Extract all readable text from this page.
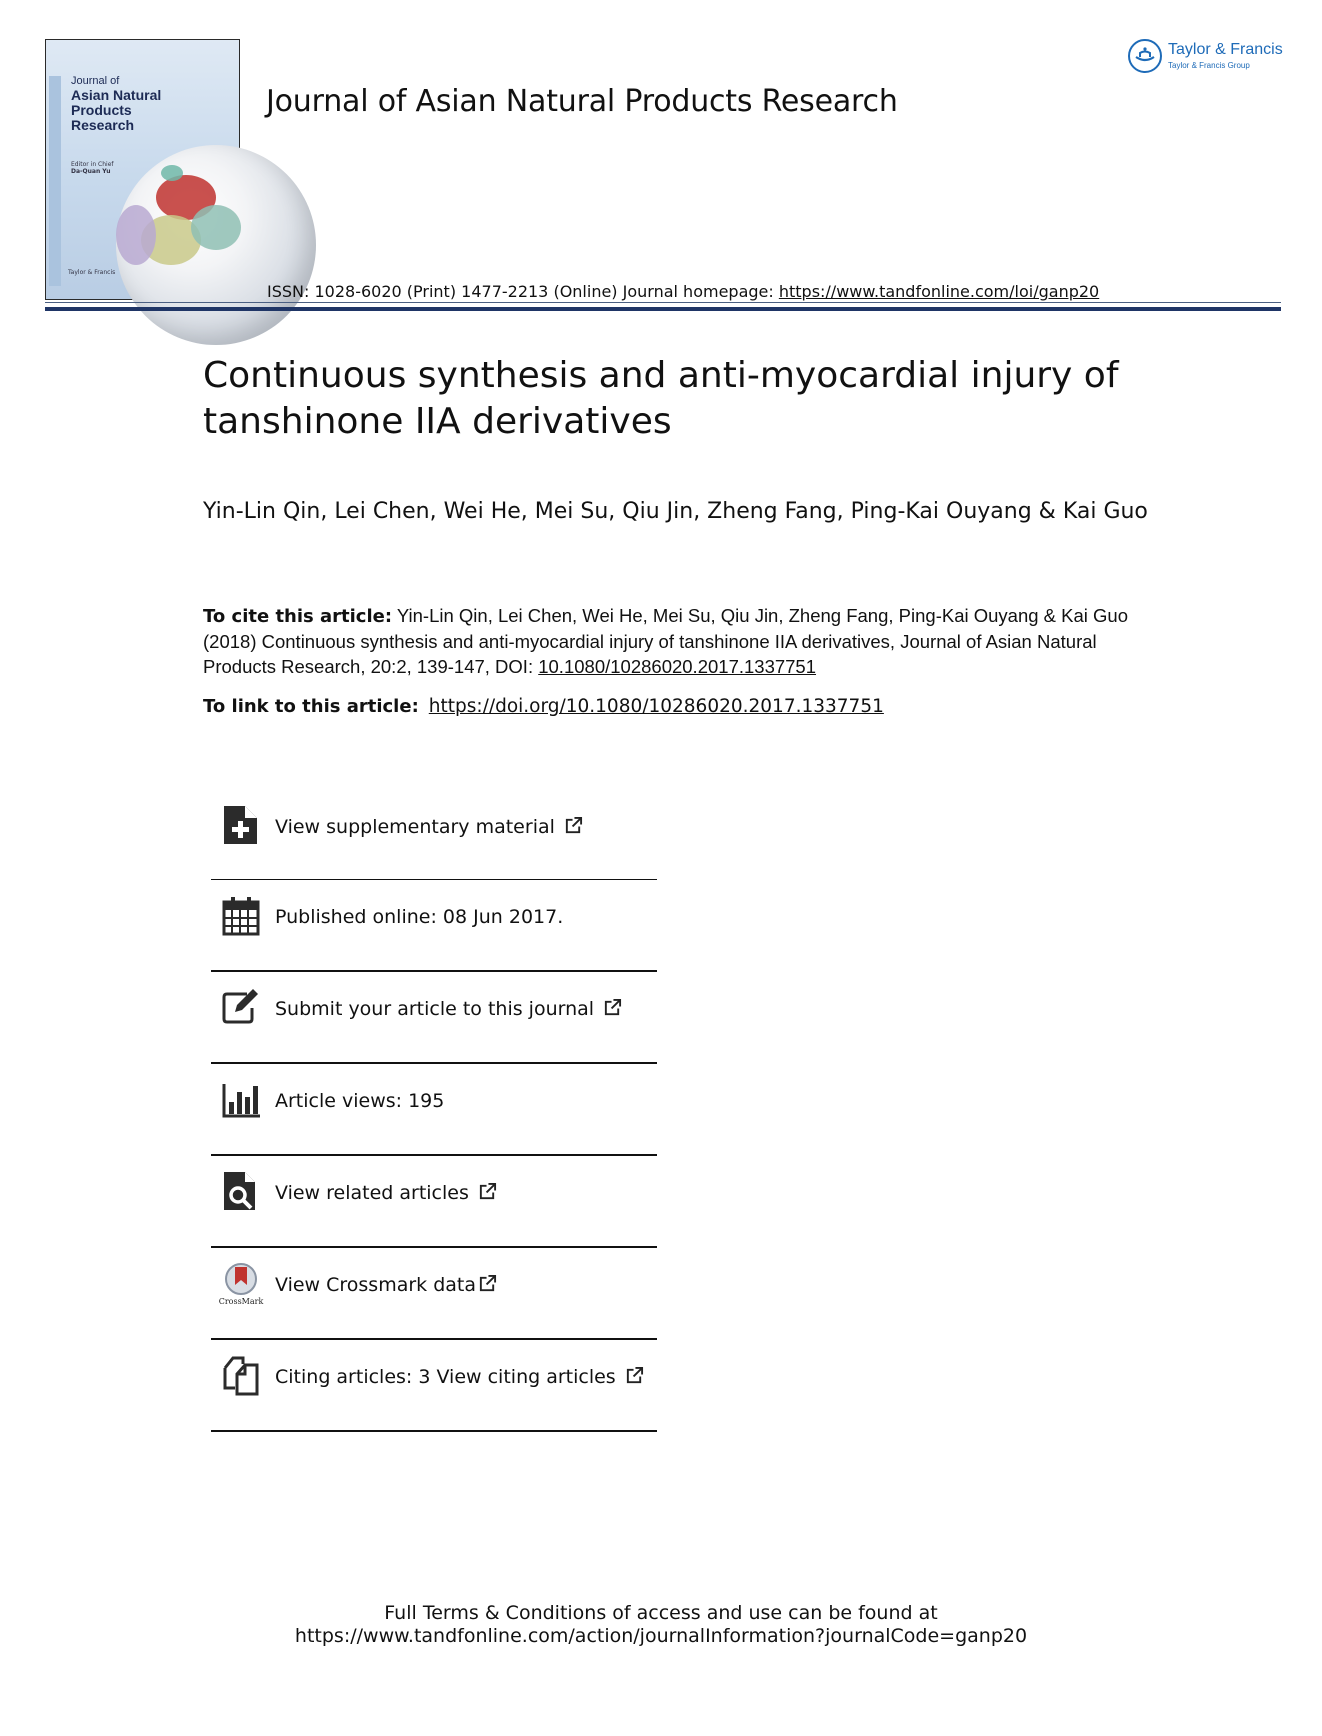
Journal of
Asian Natural
Products
Research
Editor in Chief
Da-Quan Yu
Taylor & Francis
Journal of Asian Natural Products Research
Taylor & Francis
Taylor & Francis Group
ISSN: 1028-6020 (Print) 1477-2213 (Online) Journal homepage: https://www.tandfonline.com/loi/ganp20
Continuous synthesis and anti-myocardial injury of tanshinone IIA derivatives
Yin-Lin Qin, Lei Chen, Wei He, Mei Su, Qiu Jin, Zheng Fang, Ping-Kai Ouyang & Kai Guo
To cite this article: Yin-Lin Qin, Lei Chen, Wei He, Mei Su, Qiu Jin, Zheng Fang, Ping-Kai Ouyang & Kai Guo (2018) Continuous synthesis and anti-myocardial injury of tanshinone IIA derivatives, Journal of Asian Natural Products Research, 20:2, 139-147, DOI: 10.1080/10286020.2017.1337751
To link to this article: https://doi.org/10.1080/10286020.2017.1337751
View supplementary material
Published online: 08 Jun 2017.
Submit your article to this journal
Article views: 195
View related articles
CrossMark
View Crossmark data
Citing articles: 3 View citing articles
Full Terms & Conditions of access and use can be found at
https://www.tandfonline.com/action/journalInformation?journalCode=ganp20
